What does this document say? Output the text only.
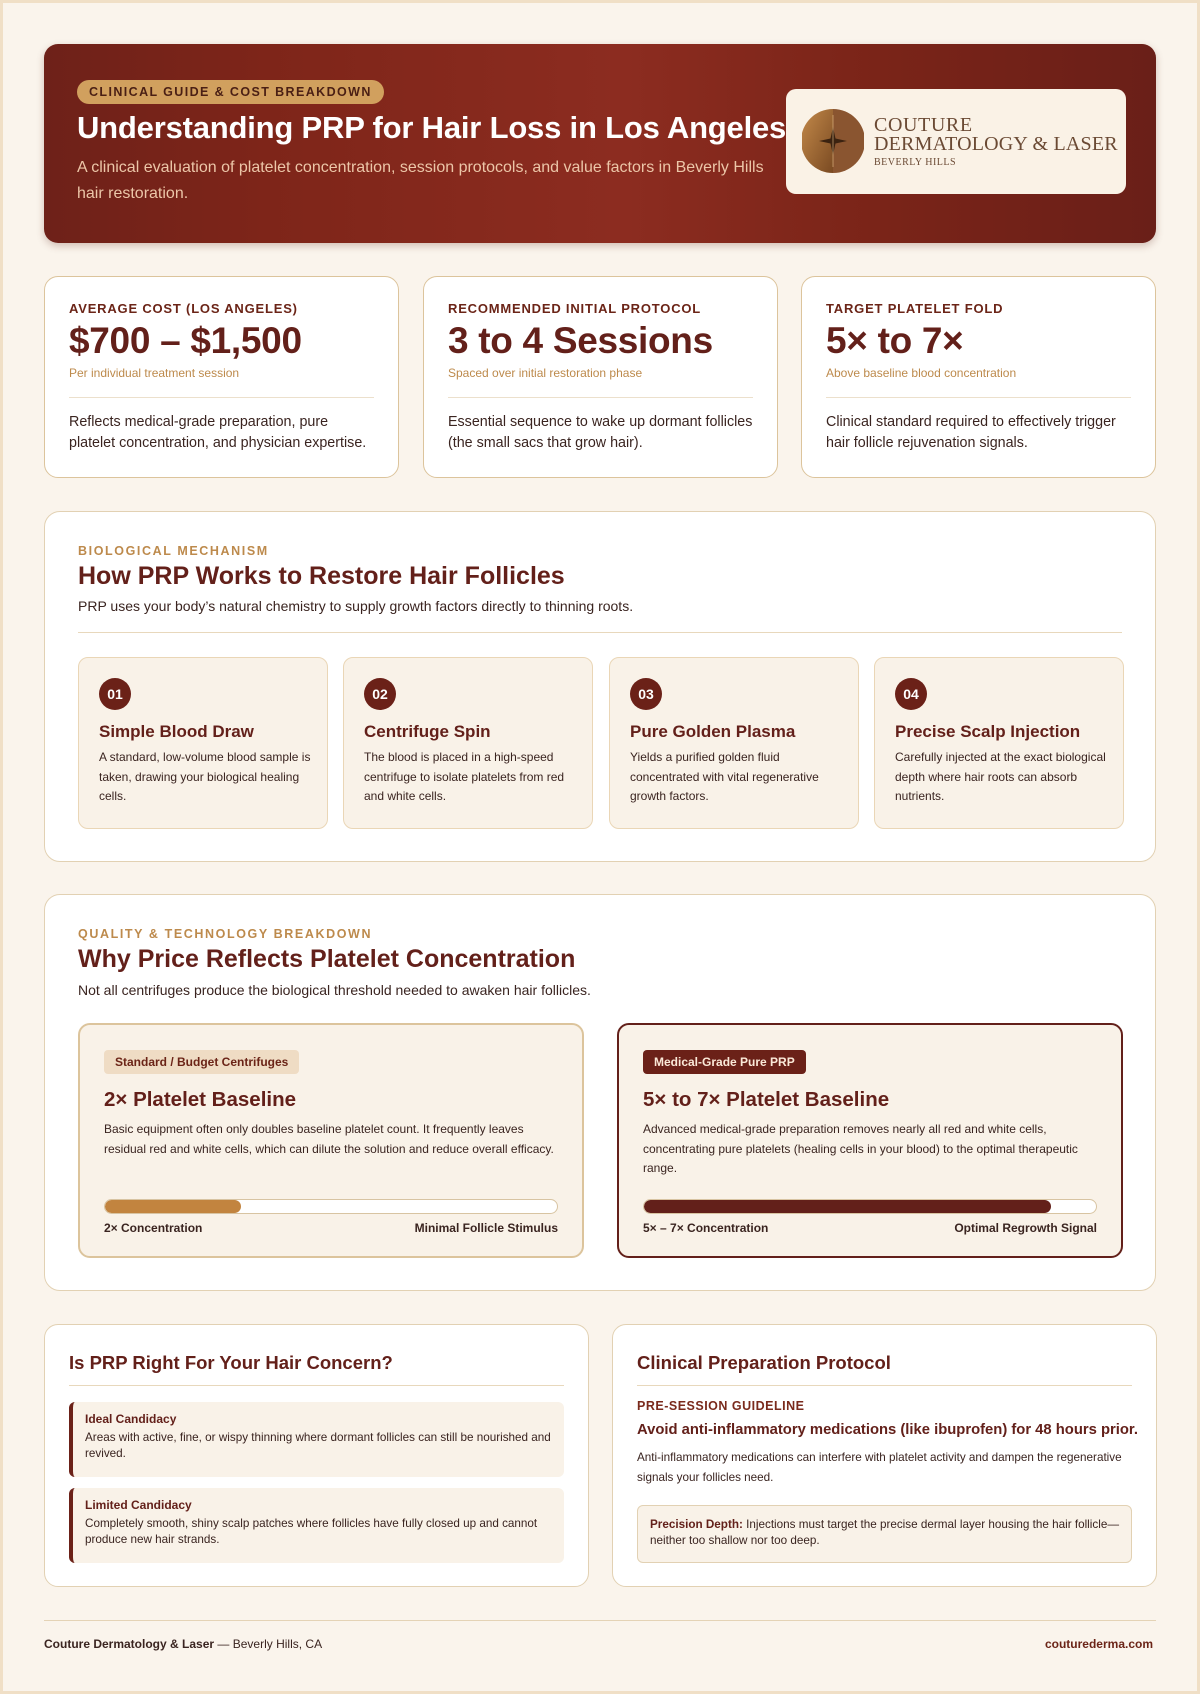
CLINICAL GUIDE & COST BREAKDOWN
Understanding PRP for Hair Loss in Los Angeles
A clinical evaluation of platelet concentration, session protocols, and value factors in Beverly Hills hair restoration.
COUTURE
DERMATOLOGY & LASER
BEVERLY HILLS
AVERAGE COST (LOS ANGELES)
$700 – $1,500
Per individual treatment session
Reflects medical-grade preparation, pure platelet concentration, and physician expertise.
RECOMMENDED INITIAL PROTOCOL
3 to 4 Sessions
Spaced over initial restoration phase
Essential sequence to wake up dormant follicles (the small sacs that grow hair).
TARGET PLATELET FOLD
5× to 7×
Above baseline blood concentration
Clinical standard required to effectively trigger hair follicle rejuvenation signals.
BIOLOGICAL MECHANISM
How PRP Works to Restore Hair Follicles
PRP uses your body’s natural chemistry to supply growth factors directly to thinning roots.
01
Simple Blood Draw
A standard, low-volume blood sample is taken, drawing your biological healing cells.
02
Centrifuge Spin
The blood is placed in a high-speed centrifuge to isolate platelets from red and white cells.
03
Pure Golden Plasma
Yields a purified golden fluid concentrated with vital regenerative growth factors.
04
Precise Scalp Injection
Carefully injected at the exact biological depth where hair roots can absorb nutrients.
QUALITY & TECHNOLOGY BREAKDOWN
Why Price Reflects Platelet Concentration
Not all centrifuges produce the biological threshold needed to awaken hair follicles.
Standard / Budget Centrifuges
2× Platelet Baseline
Basic equipment often only doubles baseline platelet count. It frequently leaves residual red and white cells, which can dilute the solution and reduce overall efficacy.
2× Concentration	Minimal Follicle Stimulus
Medical-Grade Pure PRP
5× to 7× Platelet Baseline
Advanced medical-grade preparation removes nearly all red and white cells, concentrating pure platelets (healing cells in your blood) to the optimal therapeutic range.
5× – 7× Concentration	Optimal Regrowth Signal
Is PRP Right For Your Hair Concern?
Ideal Candidacy
Areas with active, fine, or wispy thinning where dormant follicles can still be nourished and revived.
Limited Candidacy
Completely smooth, shiny scalp patches where follicles have fully closed up and cannot produce new hair strands.
Clinical Preparation Protocol
PRE-SESSION GUIDELINE
Avoid anti-inflammatory medications (like ibuprofen) for 48 hours prior.
Anti-inflammatory medications can interfere with platelet activity and dampen the regenerative signals your follicles need.
Precision Depth: Injections must target the precise dermal layer housing the hair follicle—neither too shallow nor too deep.
Couture Dermatology & Laser — Beverly Hills, CA	couturederma.com
